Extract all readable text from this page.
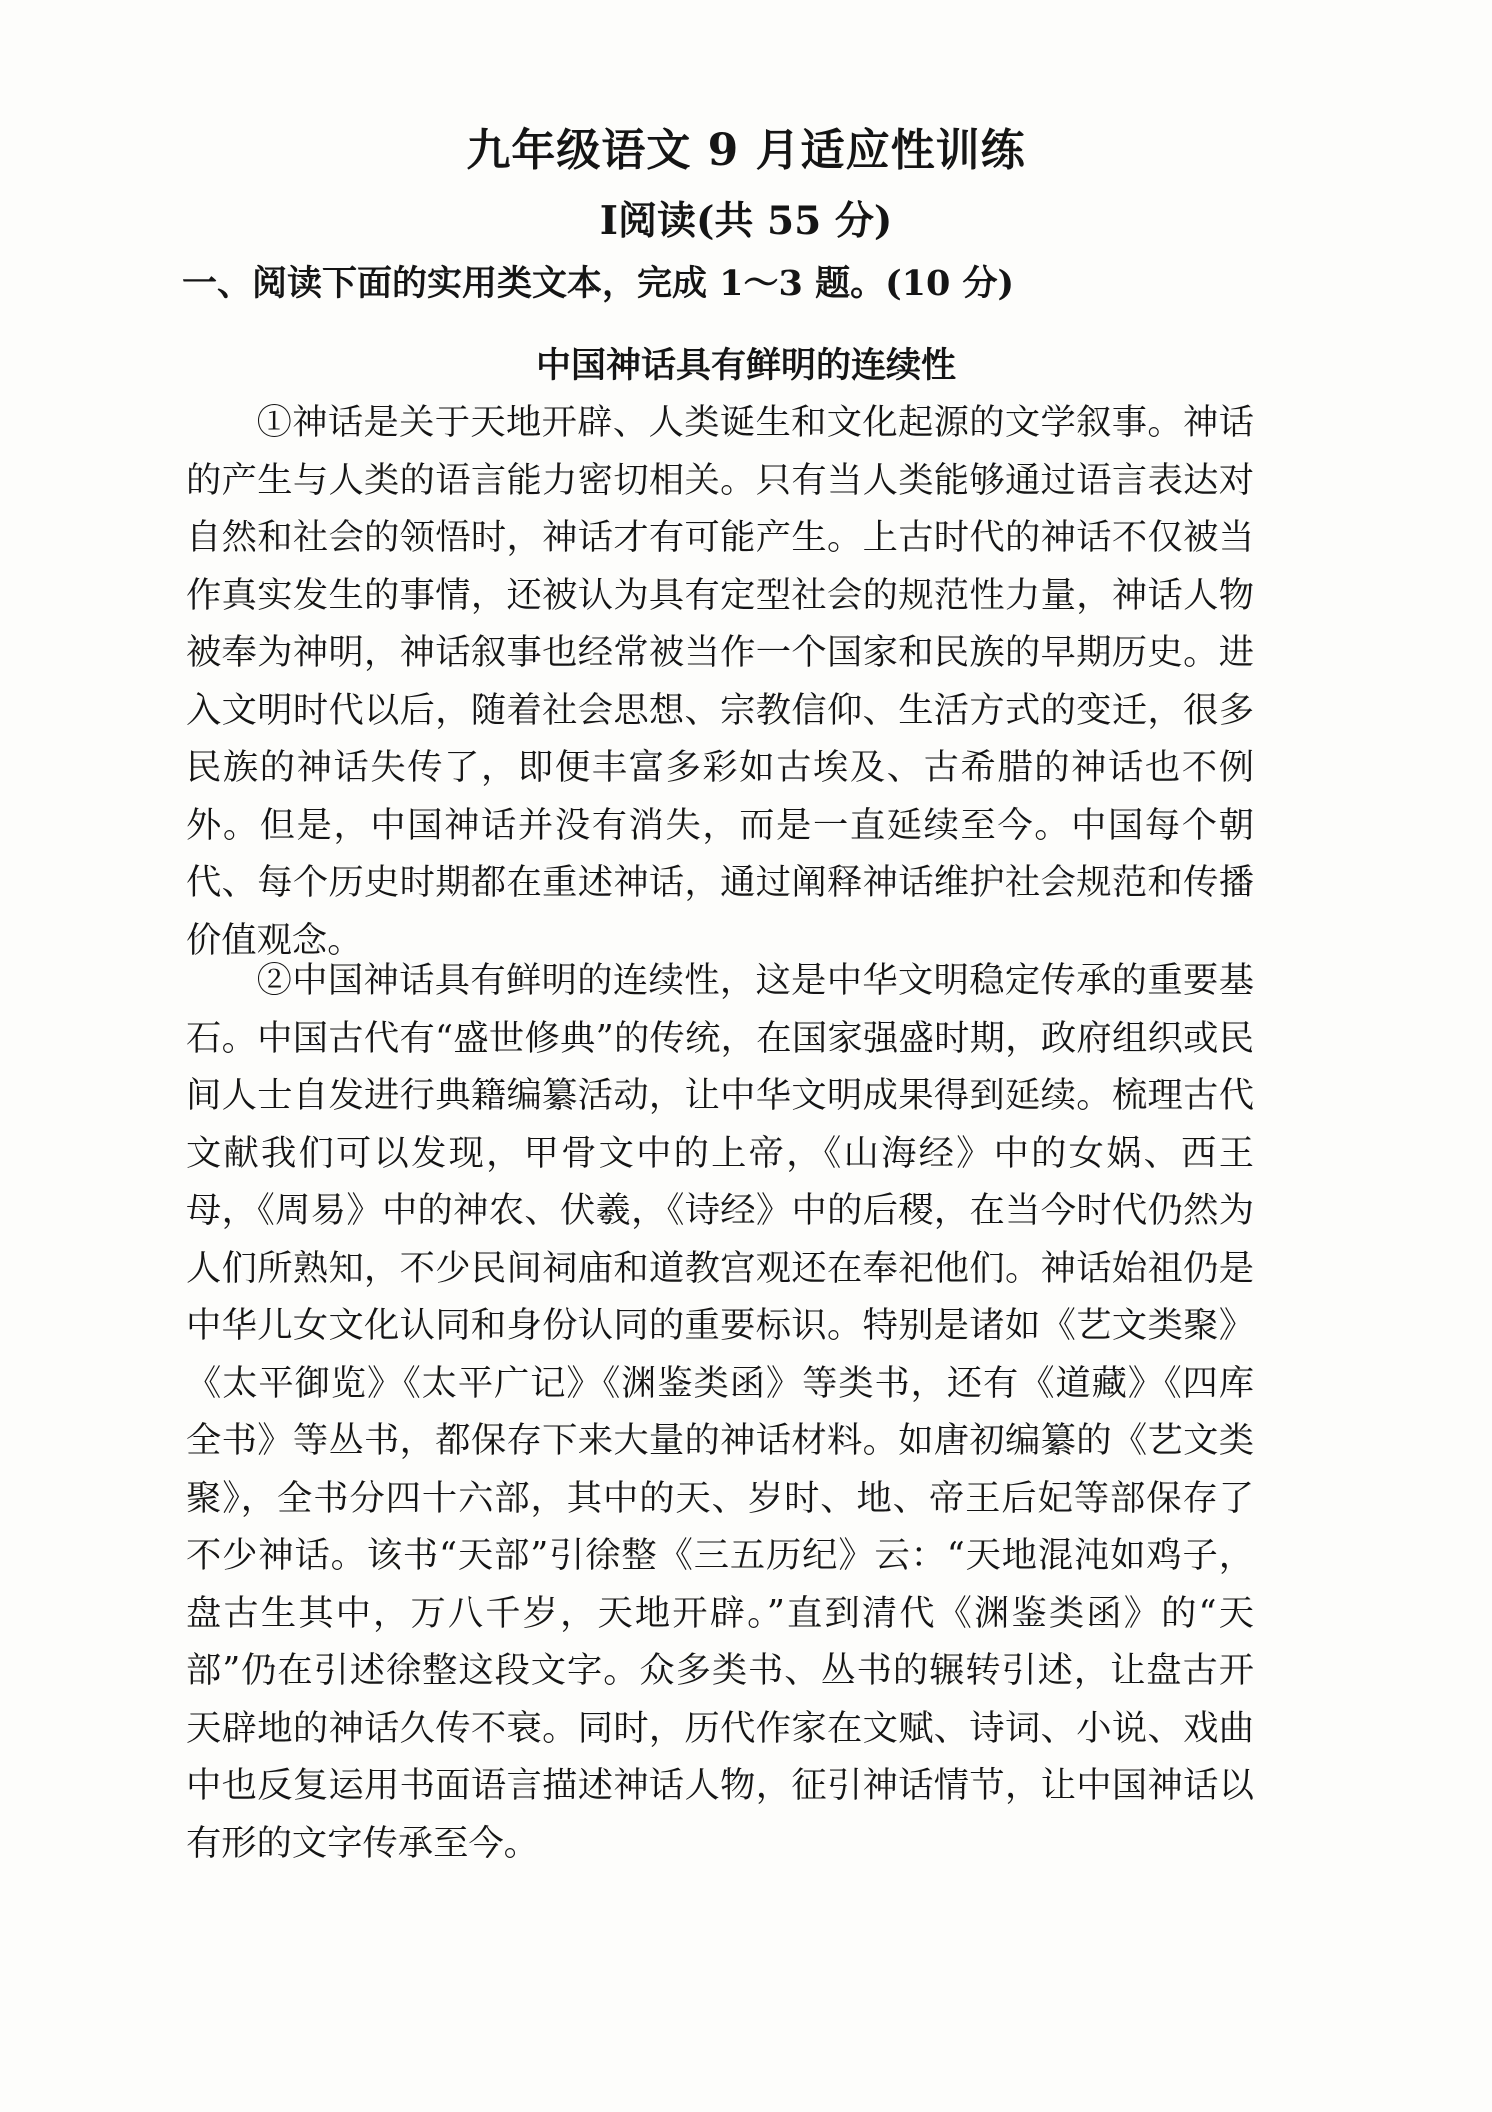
九年级语文 9 月适应性训练
Ⅰ阅读(共 55 分)
一、阅读下面的实用类文本，完成 1～3 题。(10 分)
中国神话具有鲜明的连续性

①神话是关于天地开辟、人类诞生和文化起源的文学叙事。神话的产生与人类的语言能力密切相关。只有当人类能够通过语言表达对自然和社会的领悟时，神话才有可能产生。上古时代的神话不仅被当作真实发生的事情，还被认为具有定型社会的规范性力量，神话人物被奉为神明，神话叙事也经常被当作一个国家和民族的早期历史。进入文明时代以后，随着社会思想、宗教信仰、生活方式的变迁，很多民族的神话失传了，即便丰富多彩如古埃及、古希腊的神话也不例外。但是，中国神话并没有消失，而是一直延续至今。中国每个朝代、每个历史时期都在重述神话，通过阐释神话维护社会规范和传播价值观念。

②中国神话具有鲜明的连续性，这是中华文明稳定传承的重要基石。中国古代有“盛世修典”的传统，在国家强盛时期，政府组织或民间人士自发进行典籍编纂活动，让中华文明成果得到延续。梳理古代文献我们可以发现，甲骨文中的上帝，《山海经》中的女娲、西王母，《周易》中的神农、伏羲，《诗经》中的后稷，在当今时代仍然为人们所熟知，不少民间祠庙和道教宫观还在奉祀他们。神话始祖仍是中华儿女文化认同和身份认同的重要标识。特别是诸如《艺文类聚》《太平御览》《太平广记》《渊鉴类函》等类书，还有《道藏》《四库全书》等丛书，都保存下来大量的神话材料。如唐初编纂的《艺文类聚》，全书分四十六部，其中的天、岁时、地、帝王后妃等部保存了不少神话。该书“天部”引徐整《三五历纪》云：“天地混沌如鸡子，盘古生其中，万八千岁，天地开辟。”直到清代《渊鉴类函》的“天部”仍在引述徐整这段文字。众多类书、丛书的辗转引述，让盘古开天辟地的神话久传不衰。同时，历代作家在文赋、诗词、小说、戏曲中也反复运用书面语言描述神话人物，征引神话情节，让中国神话以有形的文字传承至今。
